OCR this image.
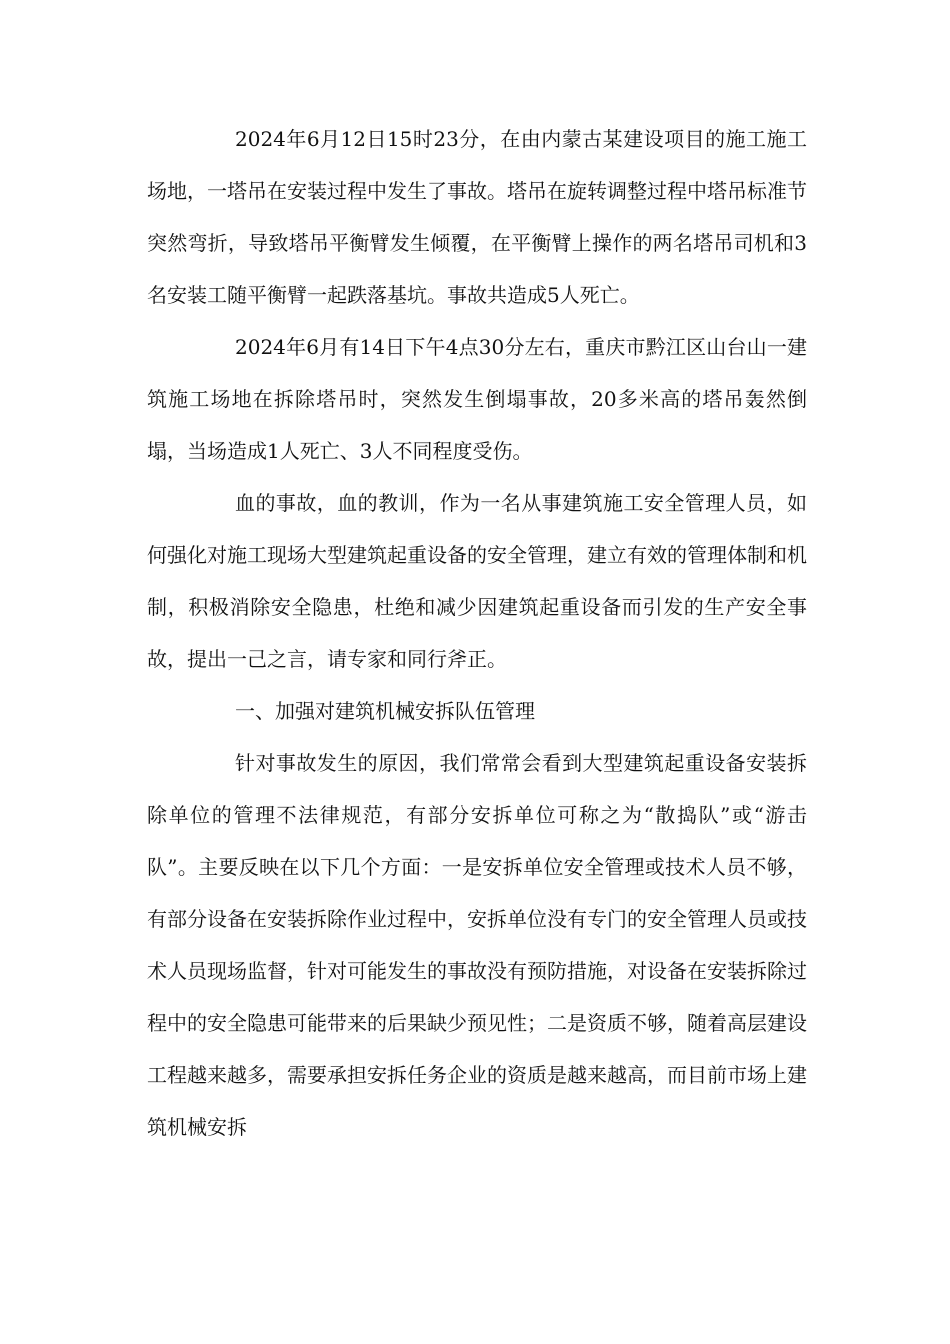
2024年6月12日15时23分，在由内蒙古某建设项目的施工施工场地，一塔吊在安装过程中发生了事故。塔吊在旋转调整过程中塔吊标准节突然弯折，导致塔吊平衡臂发生倾覆，在平衡臂上操作的两名塔吊司机和3名安装工随平衡臂一起跌落基坑。事故共造成5人死亡。

2024年6月有14日下午4点30分左右，重庆市黔江区山台山一建筑施工场地在拆除塔吊时，突然发生倒塌事故，20多米高的塔吊轰然倒塌，当场造成1人死亡、3人不同程度受伤。

血的事故，血的教训，作为一名从事建筑施工安全管理人员，如何强化对施工现场大型建筑起重设备的安全管理，建立有效的管理体制和机制，积极消除安全隐患，杜绝和减少因建筑起重设备而引发的生产安全事故，提出一己之言，请专家和同行斧正。

一、加强对建筑机械安拆队伍管理

针对事故发生的原因，我们常常会看到大型建筑起重设备安装拆除单位的管理不法律规范，有部分安拆单位可称之为“散捣队”或“游击队”。主要反映在以下几个方面：一是安拆单位安全管理或技术人员不够，有部分设备在安装拆除作业过程中，安拆单位没有专门的安全管理人员或技术人员现场监督，针对可能发生的事故没有预防措施，对设备在安装拆除过程中的安全隐患可能带来的后果缺少预见性；二是资质不够，随着高层建设工程越来越多，需要承担安拆任务企业的资质是越来越高，而目前市场上建筑机械安拆
